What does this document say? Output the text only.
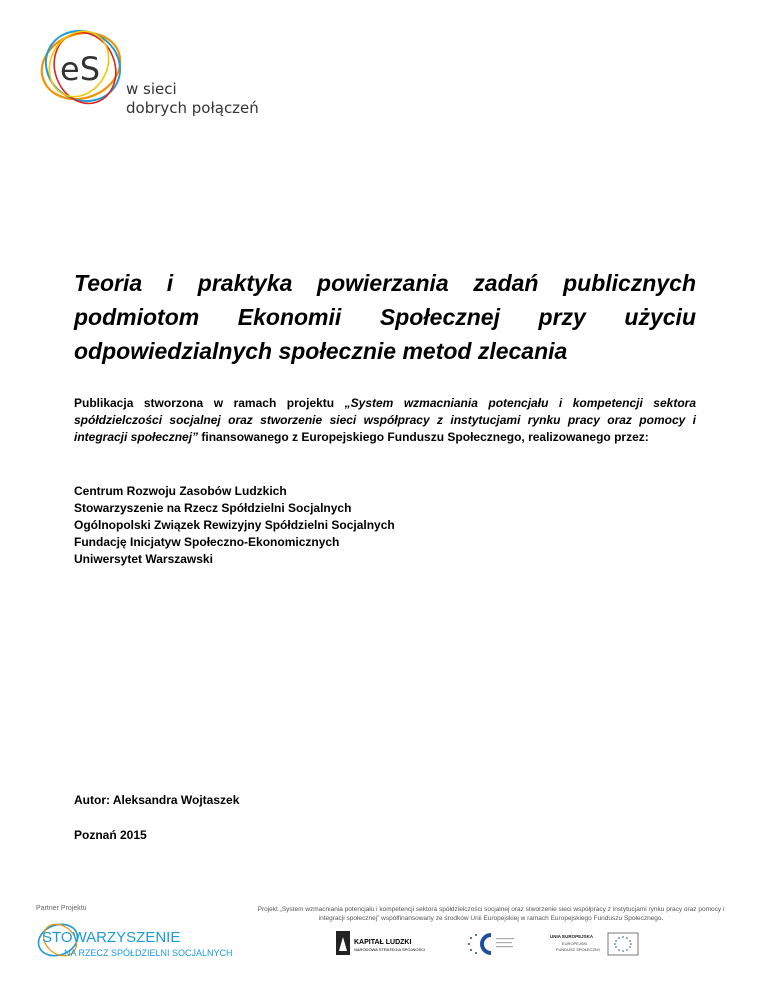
eS
w sieci
dobrych połączeń
Teoria i praktyka powierzania zadań publicznych podmiotom Ekonomii Społecznej przy użyciu odpowiedzialnych społecznie metod zlecania
Publikacja stworzona w ramach projektu „System wzmacniania potencjału i kompetencji sektora spółdzielczości socjalnej oraz stworzenie sieci współpracy z instytucjami rynku pracy oraz pomocy i integracji społecznej” finansowanego z Europejskiego Funduszu Społecznego, realizowanego przez:
Centrum Rozwoju Zasobów Ludzkich
Stowarzyszenie na Rzecz Spółdzielni Socjalnych
Ogólnopolski Związek Rewizyjny Spółdzielni Socjalnych
Fundację Inicjatyw Społeczno-Ekonomicznych
Uniwersytet Warszawski
Autor: Aleksandra Wojtaszek
Poznań 2015
Partner Projektu
STOWARZYSZENIE
NA RZECZ SPÓŁDZIELNI SOCJALNYCH
Projekt „System wzmacniania potencjału i kompetencji sektora spółdzielczości socjalnej oraz stworzenie sieci współpracy z instytucjami rynku pracy oraz pomocy i integracji społecznej” współfinansowany ze środków Unii Europejskiej w ramach Europejskiego Funduszu Społecznego.
KAPITAŁ LUDZKI
NARODOWA STRATEGIA SPÓJNOŚCI
UNIA EUROPEJSKA
EUROPEJSKI
FUNDUSZ SPOŁECZNY
